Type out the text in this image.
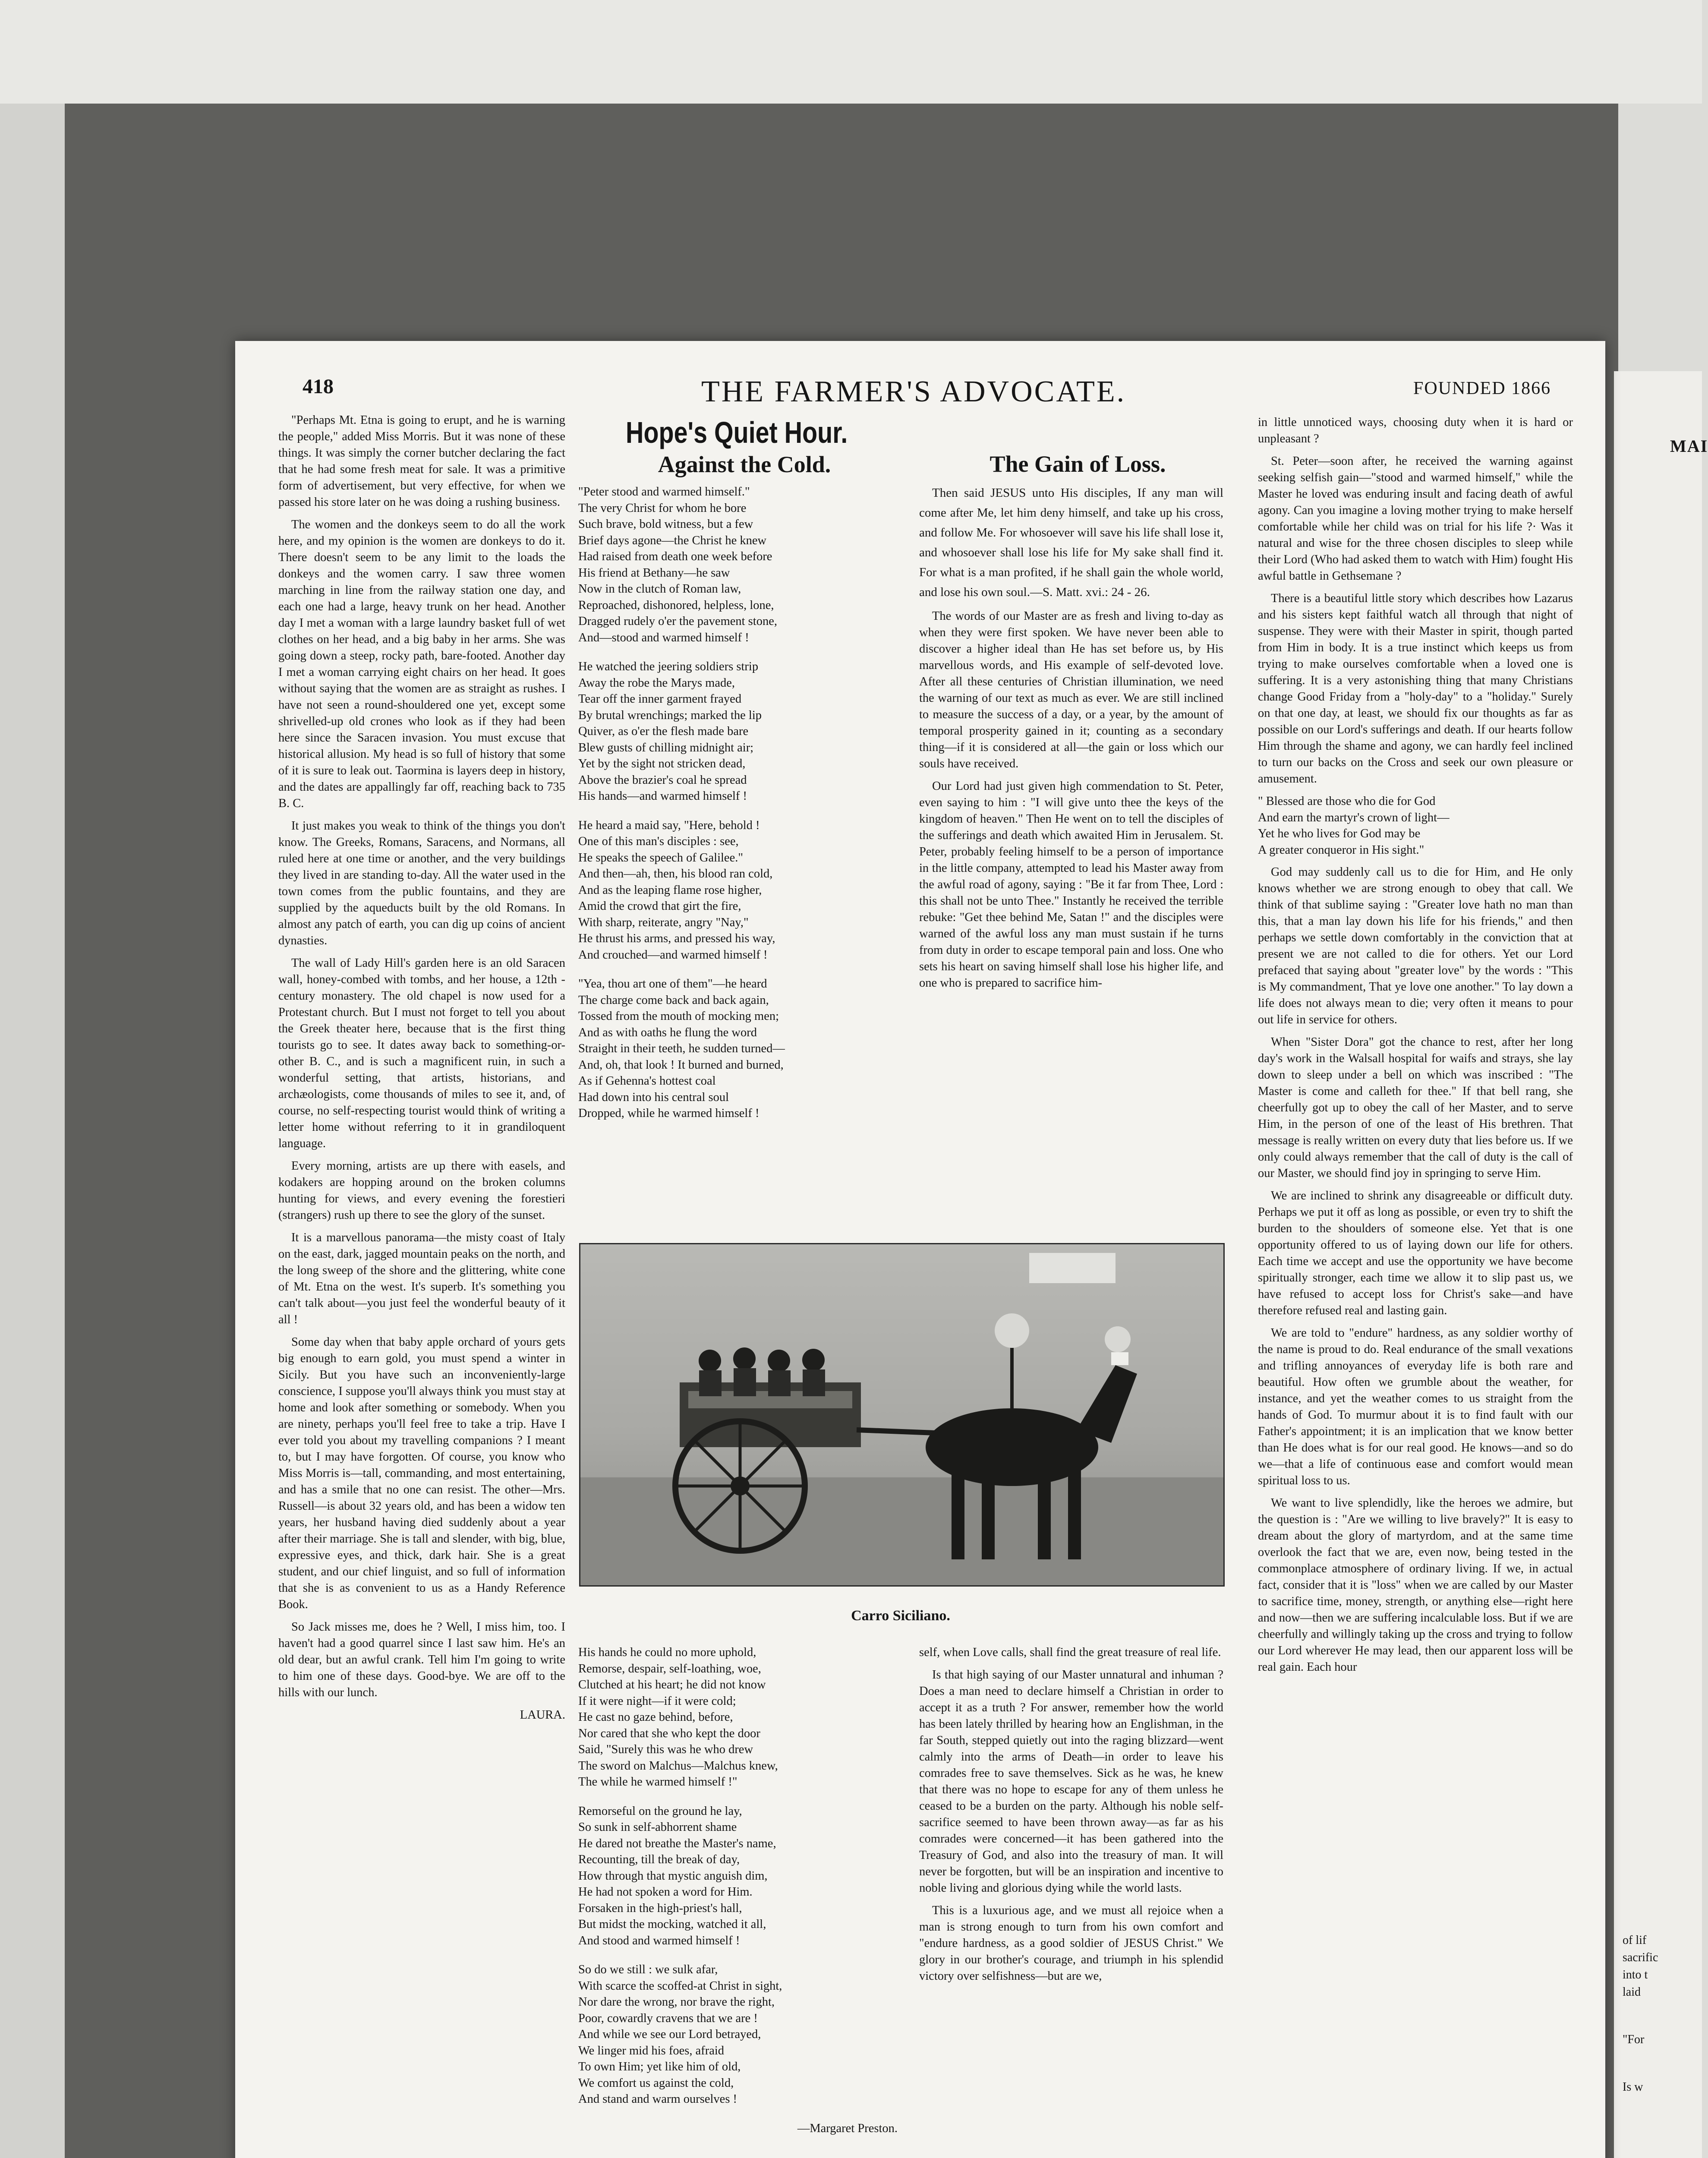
MAI
of lif
sacrific
into t
laid
"For
Is w
418	THE FARMER'S ADVOCATE.	FOUNDED 1866

"Perhaps Mt. Etna is going to erupt, and he is warning the people," added Miss Morris. But it was none of these things. It was simply the corner butcher declaring the fact that he had some fresh meat for sale. It was a primitive form of advertisement, but very effective, for when we passed his store later on he was doing a rushing business.

The women and the donkeys seem to do all the work here, and my opinion is the women are donkeys to do it. There doesn't seem to be any limit to the loads the donkeys and the women carry. I saw three women marching in line from the railway station one day, and each one had a large, heavy trunk on her head. Another day I met a woman with a large laundry basket full of wet clothes on her head, and a big baby in her arms. She was going down a steep, rocky path, bare-footed. Another day I met a woman carrying eight chairs on her head. It goes without saying that the women are as straight as rushes. I have not seen a round-shouldered one yet, except some shrivelled-up old crones who look as if they had been here since the Saracen invasion. You must excuse that historical allusion. My head is so full of history that some of it is sure to leak out. Taormina is layers deep in history, and the dates are appallingly far off, reaching back to 735 B. C.

It just makes you weak to think of the things you don't know. The Greeks, Romans, Saracens, and Normans, all ruled here at one time or another, and the very buildings they lived in are standing to-day. All the water used in the town comes from the public fountains, and they are supplied by the aqueducts built by the old Romans. In almost any patch of earth, you can dig up coins of ancient dynasties.

The wall of Lady Hill's garden here is an old Saracen wall, honey-combed with tombs, and her house, a 12th - century monastery. The old chapel is now used for a Protestant church. But I must not forget to tell you about the Greek theater here, because that is the first thing tourists go to see. It dates away back to something-or-other B. C., and is such a magnificent ruin, in such a wonderful setting, that artists, historians, and archæologists, come thousands of miles to see it, and, of course, no self-respecting tourist would think of writing a letter home without referring to it in grandiloquent language.

Every morning, artists are up there with easels, and kodakers are hopping around on the broken columns hunting for views, and every evening the forestieri (strangers) rush up there to see the glory of the sunset.

It is a marvellous panorama—the misty coast of Italy on the east, dark, jagged mountain peaks on the north, and the long sweep of the shore and the glittering, white cone of Mt. Etna on the west. It's superb. It's something you can't talk about—you just feel the wonderful beauty of it all !

Some day when that baby apple orchard of yours gets big enough to earn gold, you must spend a winter in Sicily. But you have such an inconveniently-large conscience, I suppose you'll always think you must stay at home and look after something or somebody. When you are ninety, perhaps you'll feel free to take a trip. Have I ever told you about my travelling companions ? I meant to, but I may have forgotten. Of course, you know who Miss Morris is—tall, commanding, and most entertaining, and has a smile that no one can resist. The other—Mrs. Russell—is about 32 years old, and has been a widow ten years, her husband having died suddenly about a year after their marriage. She is tall and slender, with big, blue, expressive eyes, and thick, dark hair. She is a great student, and our chief linguist, and so full of information that she is as convenient to us as a Handy Reference Book.

So Jack misses me, does he ? Well, I miss him, too. I haven't had a good quarrel since I last saw him. He's an old dear, but an awful crank. Tell him I'm going to write to him one of these days. Good-bye. We are off to the hills with our lunch.

LAURA.

Hope's Quiet Hour.

Against the Cold.

"Peter stood and warmed himself."
The very Christ for whom he bore
Such brave, bold witness, but a few
Brief days agone—the Christ he knew
Had raised from death one week before
His friend at Bethany—he saw
Now in the clutch of Roman law,
Reproached, dishonored, helpless, lone,
Dragged rudely o'er the pavement stone,
And—stood and warmed himself !

He watched the jeering soldiers strip
Away the robe the Marys made,
Tear off the inner garment frayed
By brutal wrenchings; marked the lip
Quiver, as o'er the flesh made bare
Blew gusts of chilling midnight air;
Yet by the sight not stricken dead,
Above the brazier's coal he spread
His hands—and warmed himself !

He heard a maid say, "Here, behold !
One of this man's disciples : see,
He speaks the speech of Galilee."
And then—ah, then, his blood ran cold,
And as the leaping flame rose higher,
Amid the crowd that girt the fire,
With sharp, reiterate, angry "Nay,"
He thrust his arms, and pressed his way,
And crouched—and warmed himself !

"Yea, thou art one of them"—he heard
The charge come back and back again,
Tossed from the mouth of mocking men;
And as with oaths he flung the word
Straight in their teeth, he sudden turned—
And, oh, that look ! It burned and burned,
As if Gehenna's hottest coal
Had down into his central soul
Dropped, while he warmed himself !

The Gain of Loss.

Then said JESUS unto His disciples, If any man will come after Me, let him deny himself, and take up his cross, and follow Me. For whosoever will save his life shall lose it, and whosoever shall lose his life for My sake shall find it. For what is a man profited, if he shall gain the whole world, and lose his own soul.—S. Matt. xvi.: 24 - 26.

The words of our Master are as fresh and living to-day as when they were first spoken. We have never been able to discover a higher ideal than He has set before us, by His marvellous words, and His example of self-devoted love. After all these centuries of Christian illumination, we need the warning of our text as much as ever. We are still inclined to measure the success of a day, or a year, by the amount of temporal prosperity gained in it; counting as a secondary thing—if it is considered at all—the gain or loss which our souls have received.

Our Lord had just given high commendation to St. Peter, even saying to him : "I will give unto thee the keys of the kingdom of heaven." Then He went on to tell the disciples of the sufferings and death which awaited Him in Jerusalem. St. Peter, probably feeling himself to be a person of importance in the little company, attempted to lead his Master away from the awful road of agony, saying : "Be it far from Thee, Lord : this shall not be unto Thee." Instantly he received the terrible rebuke: "Get thee behind Me, Satan !" and the disciples were warned of the awful loss any man must sustain if he turns from duty in order to escape temporal pain and loss. One who sets his heart on saving himself shall lose his higher life, and one who is prepared to sacrifice him-

Carro Siciliano.

His hands he could no more uphold,
Remorse, despair, self-loathing, woe,
Clutched at his heart; he did not know
If it were night—if it were cold;
He cast no gaze behind, before,
Nor cared that she who kept the door
Said, "Surely this was he who drew
The sword on Malchus—Malchus knew,
The while he warmed himself !"

Remorseful on the ground he lay,
So sunk in self-abhorrent shame
He dared not breathe the Master's name,
Recounting, till the break of day,
How through that mystic anguish dim,
He had not spoken a word for Him.
Forsaken in the high-priest's hall,
But midst the mocking, watched it all,
And stood and warmed himself !

So do we still : we sulk afar,
With scarce the scoffed-at Christ in sight,
Nor dare the wrong, nor brave the right,
Poor, cowardly cravens that we are !
And while we see our Lord betrayed,
We linger mid his foes, afraid
To own Him; yet like him of old,
We comfort us against the cold,
And stand and warm ourselves !

—Margaret Preston.

self, when Love calls, shall find the great treasure of real life.

Is that high saying of our Master unnatural and inhuman ? Does a man need to declare himself a Christian in order to accept it as a truth ? For answer, remember how the world has been lately thrilled by hearing how an Englishman, in the far South, stepped quietly out into the raging blizzard—went calmly into the arms of Death—in order to leave his comrades free to save themselves. Sick as he was, he knew that there was no hope to escape for any of them unless he ceased to be a burden on the party. Although his noble self-sacrifice seemed to have been thrown away—as far as his comrades were concerned—it has been gathered into the Treasury of God, and also into the treasury of man. It will never be forgotten, but will be an inspiration and incentive to noble living and glorious dying while the world lasts.

This is a luxurious age, and we must all rejoice when a man is strong enough to turn from his own comfort and "endure hardness, as a good soldier of JESUS Christ." We glory in our brother's courage, and triumph in his splendid victory over selfishness—but are we,

in little unnoticed ways, choosing duty when it is hard or unpleasant ?

St. Peter—soon after, he received the warning against seeking selfish gain—"stood and warmed himself," while the Master he loved was enduring insult and facing death of awful agony. Can you imagine a loving mother trying to make herself comfortable while her child was on trial for his life ?· Was it natural and wise for the three chosen disciples to sleep while their Lord (Who had asked them to watch with Him) fought His awful battle in Gethsemane ?

There is a beautiful little story which describes how Lazarus and his sisters kept faithful watch all through that night of suspense. They were with their Master in spirit, though parted from Him in body. It is a true instinct which keeps us from trying to make ourselves comfortable when a loved one is suffering. It is a very astonishing thing that many Christians change Good Friday from a "holy-day" to a "holiday." Surely on that one day, at least, we should fix our thoughts as far as possible on our Lord's sufferings and death. If our hearts follow Him through the shame and agony, we can hardly feel inclined to turn our backs on the Cross and seek our own pleasure or amusement.

" Blessed are those who die for God
And earn the martyr's crown of light—
Yet he who lives for God may be
A greater conqueror in His sight."

God may suddenly call us to die for Him, and He only knows whether we are strong enough to obey that call. We think of that sublime saying : "Greater love hath no man than this, that a man lay down his life for his friends," and then perhaps we settle down comfortably in the conviction that at present we are not called to die for others. Yet our Lord prefaced that saying about "greater love" by the words : "This is My commandment, That ye love one another." To lay down a life does not always mean to die; very often it means to pour out life in service for others.

When "Sister Dora" got the chance to rest, after her long day's work in the Walsall hospital for waifs and strays, she lay down to sleep under a bell on which was inscribed : "The Master is come and calleth for thee." If that bell rang, she cheerfully got up to obey the call of her Master, and to serve Him, in the person of one of the least of His brethren. That message is really written on every duty that lies before us. If we only could always remember that the call of duty is the call of our Master, we should find joy in springing to serve Him.

We are inclined to shrink any disagreeable or difficult duty. Perhaps we put it off as long as possible, or even try to shift the burden to the shoulders of someone else. Yet that is one opportunity offered to us of laying down our life for others. Each time we accept and use the opportunity we have become spiritually stronger, each time we allow it to slip past us, we have refused to accept loss for Christ's sake—and have therefore refused real and lasting gain.

We are told to "endure" hardness, as any soldier worthy of the name is proud to do. Real endurance of the small vexations and trifling annoyances of everyday life is both rare and beautiful. How often we grumble about the weather, for instance, and yet the weather comes to us straight from the hands of God. To murmur about it is to find fault with our Father's appointment; it is an implication that we know better than He does what is for our real good. He knows—and so do we—that a life of continuous ease and comfort would mean spiritual loss to us.

We want to live splendidly, like the heroes we admire, but the question is : "Are we willing to live bravely?" It is easy to dream about the glory of martyrdom, and at the same time overlook the fact that we are, even now, being tested in the commonplace atmosphere of ordinary living. If we, in actual fact, consider that it is "loss" when we are called by our Master to sacrifice time, money, strength, or anything else—right here and now—then we are suffering incalculable loss. But if we are cheerfully and willingly taking up the cross and trying to follow our Lord wherever He may lead, then our apparent loss will be real gain. Each hour
